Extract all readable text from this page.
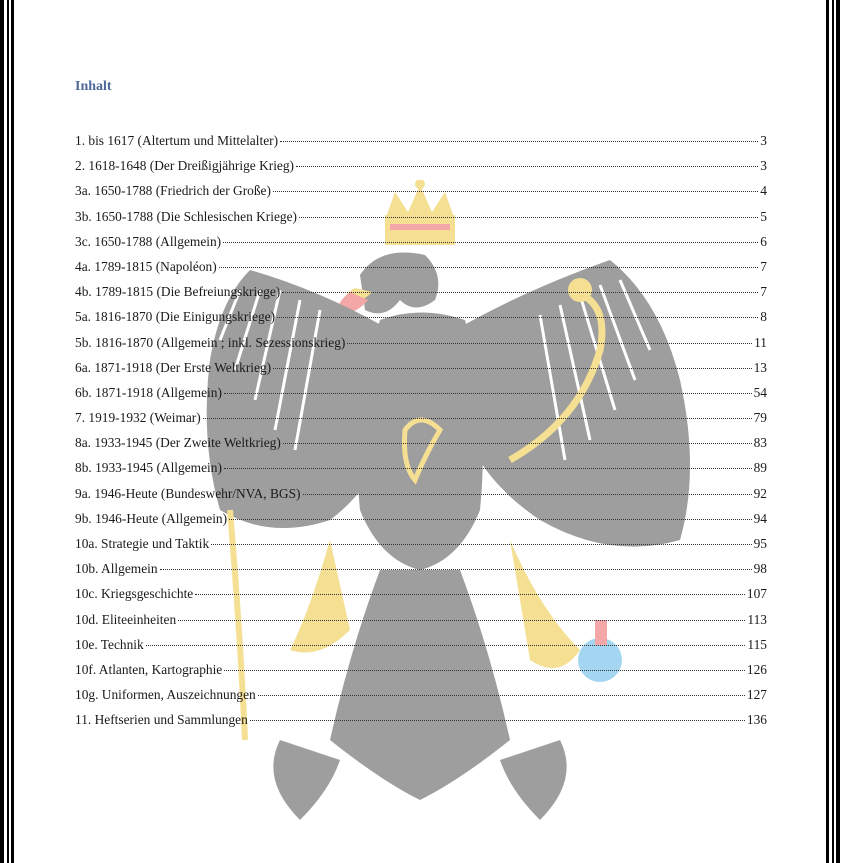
Inhalt
1. bis 1617 (Altertum und Mittelalter)	3
2. 1618-1648 (Der Dreißigjährige Krieg)	3
3a. 1650-1788 (Friedrich der Große)	4
3b. 1650-1788 (Die Schlesischen Kriege)	5
3c. 1650-1788 (Allgemein)	6
4a. 1789-1815 (Napoléon)	7
4b. 1789-1815 (Die Befreiungskriege)	7
5a. 1816-1870 (Die Einigungskriege)	8
5b. 1816-1870 (Allgemein ; inkl. Sezessionskrieg)	11
6a. 1871-1918 (Der Erste Weltkrieg)	13
6b. 1871-1918 (Allgemein)	54
7. 1919-1932 (Weimar)	79
8a. 1933-1945 (Der Zweite Weltkrieg)	83
8b. 1933-1945 (Allgemein)	89
9a. 1946-Heute (Bundeswehr/NVA, BGS)	92
9b. 1946-Heute (Allgemein)	94
10a. Strategie und Taktik	95
10b. Allgemein	98
10c. Kriegsgeschichte	107
10d. Eliteeinheiten	113
10e. Technik	115
10f. Atlanten, Kartographie	126
10g. Uniformen, Auszeichnungen	127
11. Heftserien und Sammlungen	136
